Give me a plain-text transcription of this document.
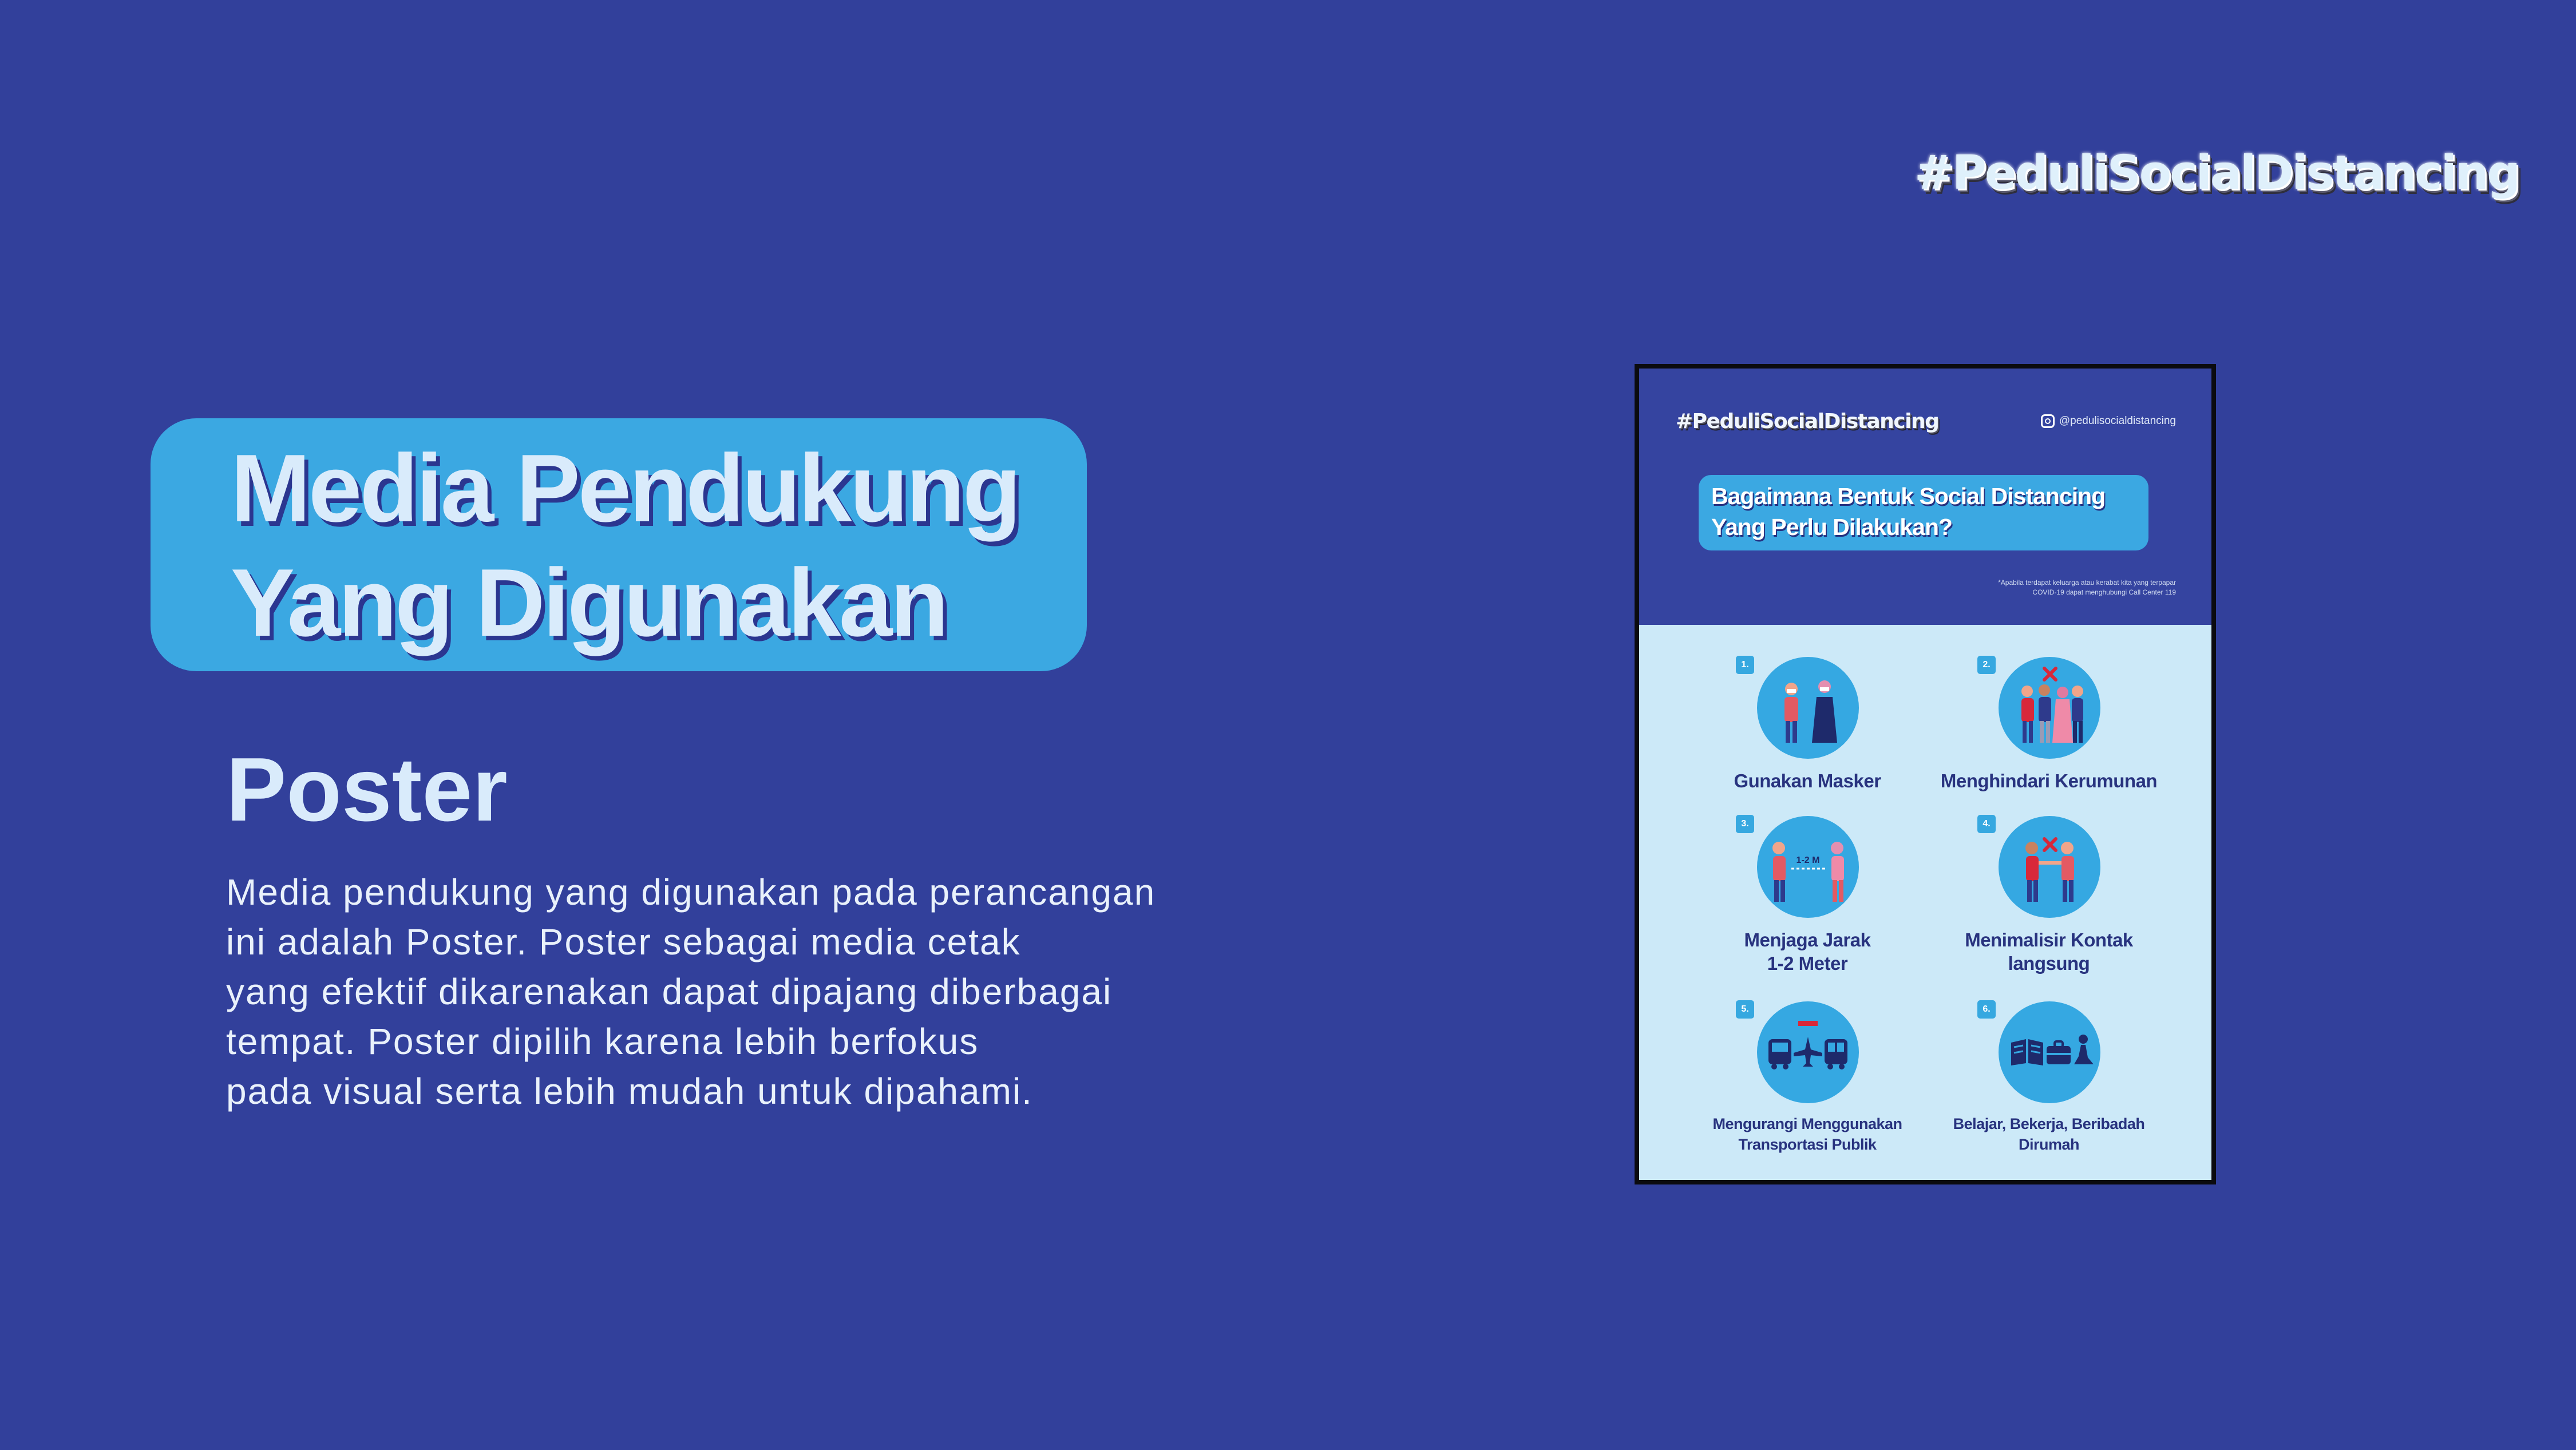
#PeduliSocialDistancing
Media Pendukung
Yang Digunakan
Poster

Media pendukung yang digunakan pada perancangan
ini adalah Poster. Poster sebagai media cetak
yang efektif dikarenakan dapat dipajang diberbagai
tempat. Poster dipilih karena lebih berfokus
pada visual serta lebih mudah untuk dipahami.

#PeduliSocialDistancing	@pedulisocialdistancing
Bagaimana Bentuk Social Distancing
Yang Perlu Dilakukan?
*Apabila terdapat keluarga atau kerabat kita yang terpapar
COVID-19 dapat menghubungi Call Center 119
1.
Gunakan Masker
2.
Menghindari Kerumunan
1-2 M
3.
Menjaga Jarak
1-2 Meter
4.
Menimalisir Kontak
langsung
5.
Mengurangi Menggunakan
Transportasi Publik
6.
Belajar, Bekerja, Beribadah
Dirumah
